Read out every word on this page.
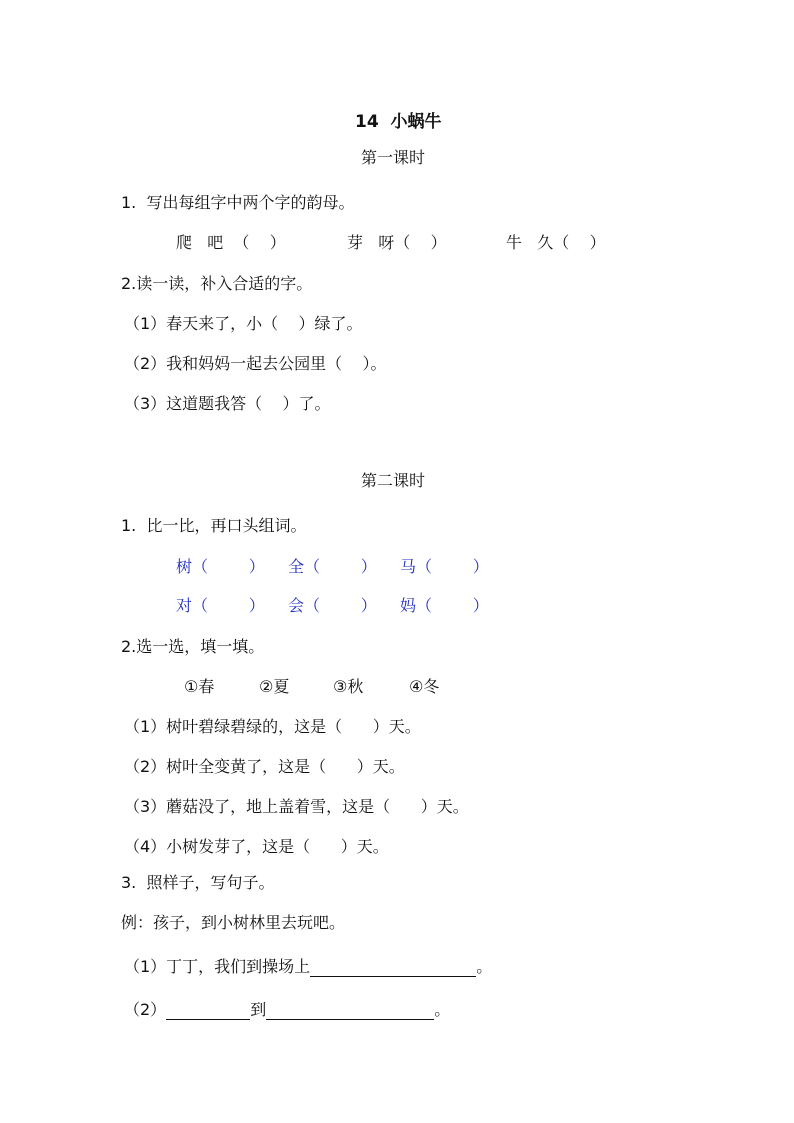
14  小蜗牛
第一课时
1.  写出每组字中两个字的韵母。
爬   吧  （    ）	芽   呀（    ）	牛   久（    ）
2.读一读，补入合适的字。
（1）春天来了，小（    ）绿了。
（2）我和妈妈一起去公园里（    ）。
（3）这道题我答（    ）了。
第二课时
1.  比一比，再口头组词。
树（        ） 全（        ） 马（        ）
对（        ） 会（        ） 妈（        ）
2.选一选，填一填。
①春	②夏	③秋	④冬
（1）树叶碧绿碧绿的，这是（      ）天。
（2）树叶全变黄了，这是（      ）天。
（3）蘑菇没了，地上盖着雪，这是（      ）天。
（4）小树发芽了，这是（      ）天。
3.  照样子，写句子。
例：孩子，到小树林里去玩吧。
（1）丁丁，我们到操场上	。
（2）	到	。
